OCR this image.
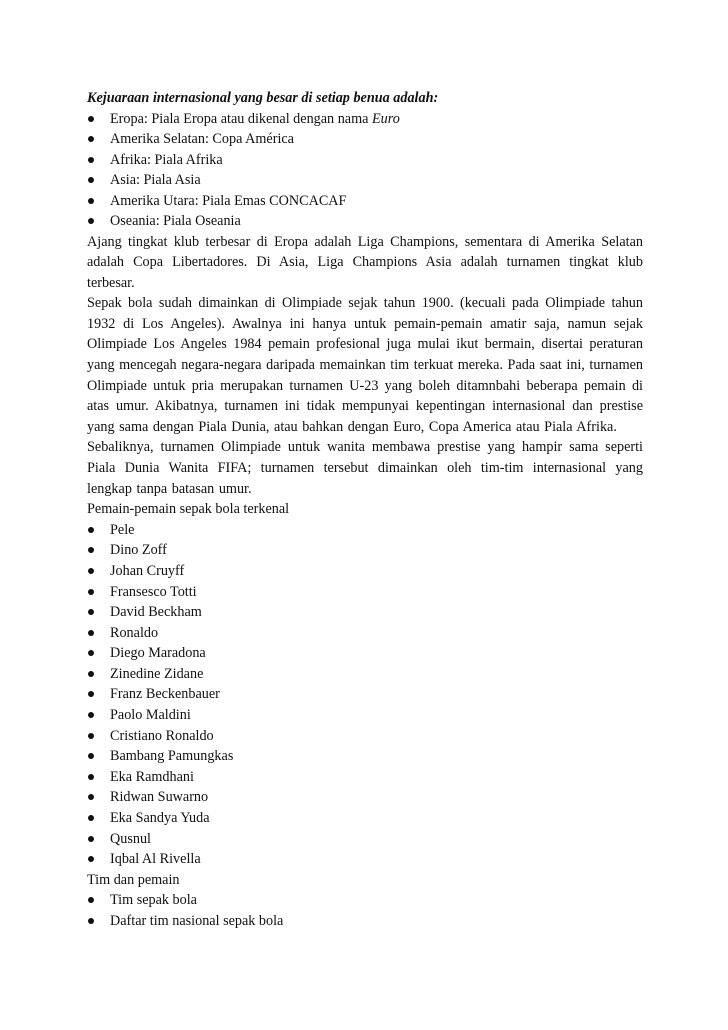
Kejuaraan internasional yang besar di setiap benua adalah:
Eropa: Piala Eropa atau dikenal dengan nama Euro
Amerika Selatan: Copa América
Afrika: Piala Afrika
Asia: Piala Asia
Amerika Utara: Piala Emas CONCACAF
Oseania: Piala Oseania

Ajang tingkat klub terbesar di Eropa adalah Liga Champions, sementara di Amerika Selatan adalah Copa Libertadores. Di Asia, Liga Champions Asia adalah turnamen tingkat klub terbesar.

Sepak bola sudah dimainkan di Olimpiade sejak tahun 1900. (kecuali pada Olimpiade tahun 1932 di Los Angeles). Awalnya ini hanya untuk pemain-pemain amatir saja, namun sejak Olimpiade Los Angeles 1984 pemain profesional juga mulai ikut bermain, disertai peraturan yang mencegah negara-negara daripada memainkan tim terkuat mereka. Pada saat ini, turnamen Olimpiade untuk pria merupakan turnamen U-23 yang boleh ditamnbahi beberapa pemain di atas umur. Akibatnya, turnamen ini tidak mempunyai kepentingan internasional dan prestise yang sama dengan Piala Dunia, atau bahkan dengan Euro, Copa America atau Piala Afrika.

Sebaliknya, turnamen Olimpiade untuk wanita membawa prestise yang hampir sama seperti Piala Dunia Wanita FIFA; turnamen tersebut dimainkan oleh tim-tim internasional yang lengkap tanpa batasan umur.

Pemain-pemain sepak bola terkenal
Pele
Dino Zoff
Johan Cruyff
Fransesco Totti
David Beckham
Ronaldo
Diego Maradona
Zinedine Zidane
Franz Beckenbauer
Paolo Maldini
Cristiano Ronaldo
Bambang Pamungkas
Eka Ramdhani
Ridwan Suwarno
Eka Sandya Yuda
Qusnul
Iqbal Al Rivella
Tim dan pemain
Tim sepak bola
Daftar tim nasional sepak bola
